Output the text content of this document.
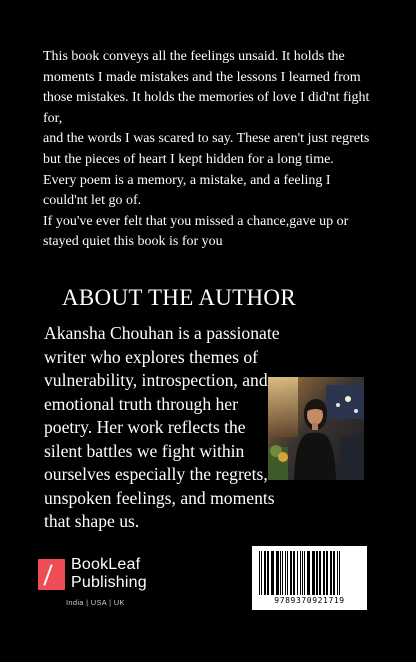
This book conveys all the feelings unsaid. It holds the moments I made mistakes and the lessons I learned from those mistakes. It holds the memories of love I did'nt fight for,

and the words I was scared to say. These aren't just regrets but the pieces of heart I kept hidden for a long time.

Every poem is a memory, a mistake, and a feeling I could'nt let go of.

If you've ever felt that you missed a chance,gave up or stayed quiet this book is for you

ABOUT THE AUTHOR
Akansha Chouhan is a passionate writer who explores themes of vulnerability, introspection, and emotional truth through her poetry. Her work reflects the silent battles we fight within ourselves especially the regrets, unspoken feelings, and moments that shape us.
BookLeaf
Publishing
India | USA | UK	9789370921719
